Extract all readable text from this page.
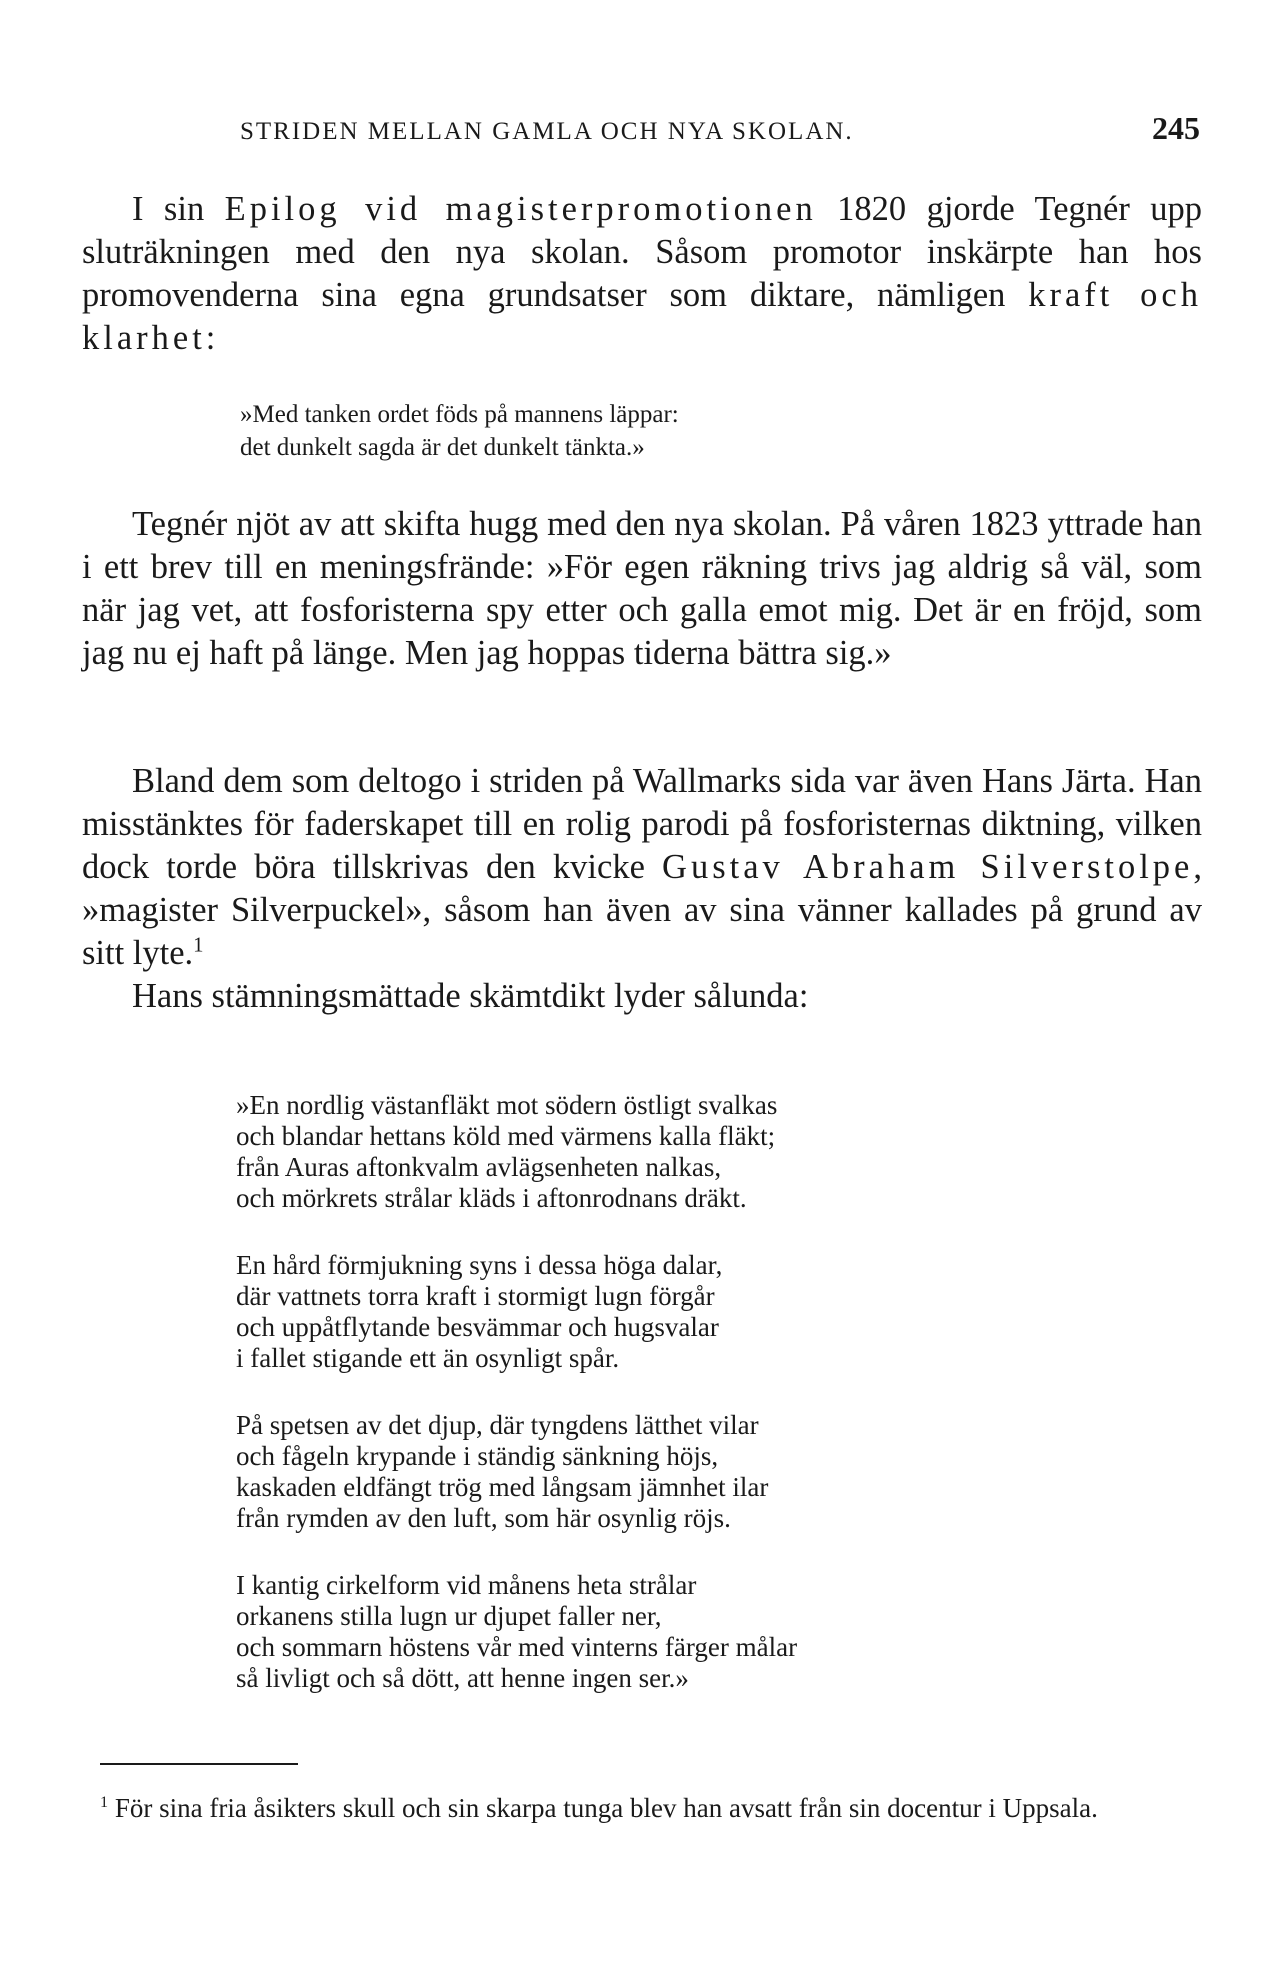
STRIDEN MELLAN GAMLA OCH NYA SKOLAN.	245

I sin Epilog vid magisterpromotionen 1820 gjorde Tegnér upp sluträkningen med den nya skolan. Såsom promotor inskärpte han hos promovenderna sina egna grundsatser som diktare, nämligen kraft och klarhet:

»Med tanken ordet föds på mannens läppar:
det dunkelt sagda är det dunkelt tänkta.»

Tegnér njöt av att skifta hugg med den nya skolan. På våren 1823 yttrade han i ett brev till en meningsfrände: »För egen räkning trivs jag aldrig så väl, som när jag vet, att fosforisterna spy etter och galla emot mig. Det är en fröjd, som jag nu ej haft på länge. Men jag hoppas tiderna bättra sig.»

Bland dem som deltogo i striden på Wallmarks sida var även Hans Järta. Han misstänktes för faderskapet till en rolig parodi på fosforisternas diktning, vilken dock torde böra tillskrivas den kvicke Gustav Abraham Silverstolpe, »magister Silverpuckel», såsom han även av sina vänner kallades på grund av sitt lyte.$^1$

Hans stämningsmättade skämtdikt lyder sålunda:

»En nordlig västanfläkt mot södern östligt svalkas
och blandar hettans köld med värmens kalla fläkt;
från Auras aftonkvalm avlägsenheten nalkas,
och mörkrets strålar kläds i aftonrodnans dräkt.
En hård förmjukning syns i dessa höga dalar,
där vattnets torra kraft i stormigt lugn förgår
och uppåtflytande besvämmar och hugsvalar
i fallet stigande ett än osynligt spår.
På spetsen av det djup, där tyngdens lätthet vilar
och fågeln krypande i ständig sänkning höjs,
kaskaden eldfängt trög med långsam jämnhet ilar
från rymden av den luft, som här osynlig röjs.
I kantig cirkelform vid månens heta strålar
orkanens stilla lugn ur djupet faller ner,
och sommarn höstens vår med vinterns färger målar
så livligt och så dött, att henne ingen ser.»

$^1$ För sina fria åsikters skull och sin skarpa tunga blev han avsatt från sin docentur i Uppsala.
